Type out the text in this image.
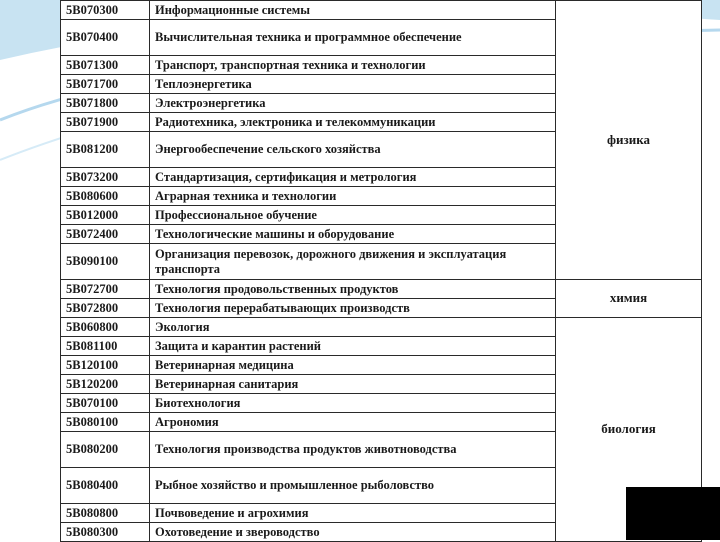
5B070300	Информационные системы	физика
5B070400	Вычислительная техника и программное обеспечение	
5B071300	Транспорт, транспортная техника и технологии	
5B071700	Теплоэнергетика	
5B071800	Электроэнергетика	
5B071900	Радиотехника, электроника и телекоммуникации	
5B081200	Энергообеспечение сельского хозяйства	
5B073200	Стандартизация, сертификация и метрология	
5B080600	Аграрная техника и технологии	
5B012000	Профессиональное обучение	
5B072400	Технологические машины и оборудование	
5B090100	Организация перевозок, дорожного движения и эксплуатация транспорта	
5B072700	Технология продовольственных продуктов	химия
5B072800	Технология перерабатывающих производств	
5B060800	Экология	биология
5B081100	Защита и карантин растений	
5B120100	Ветеринарная медицина	
5B120200	Ветеринарная санитария	
5B070100	Биотехнология	
5B080100	Агрономия	
5B080200	Технология производства продуктов животноводства	
5B080400	Рыбное хозяйство и промышленное рыболовство	
5B080800	Почвоведение и агрохимия	
5B080300	Охотоведение и звероводство	
